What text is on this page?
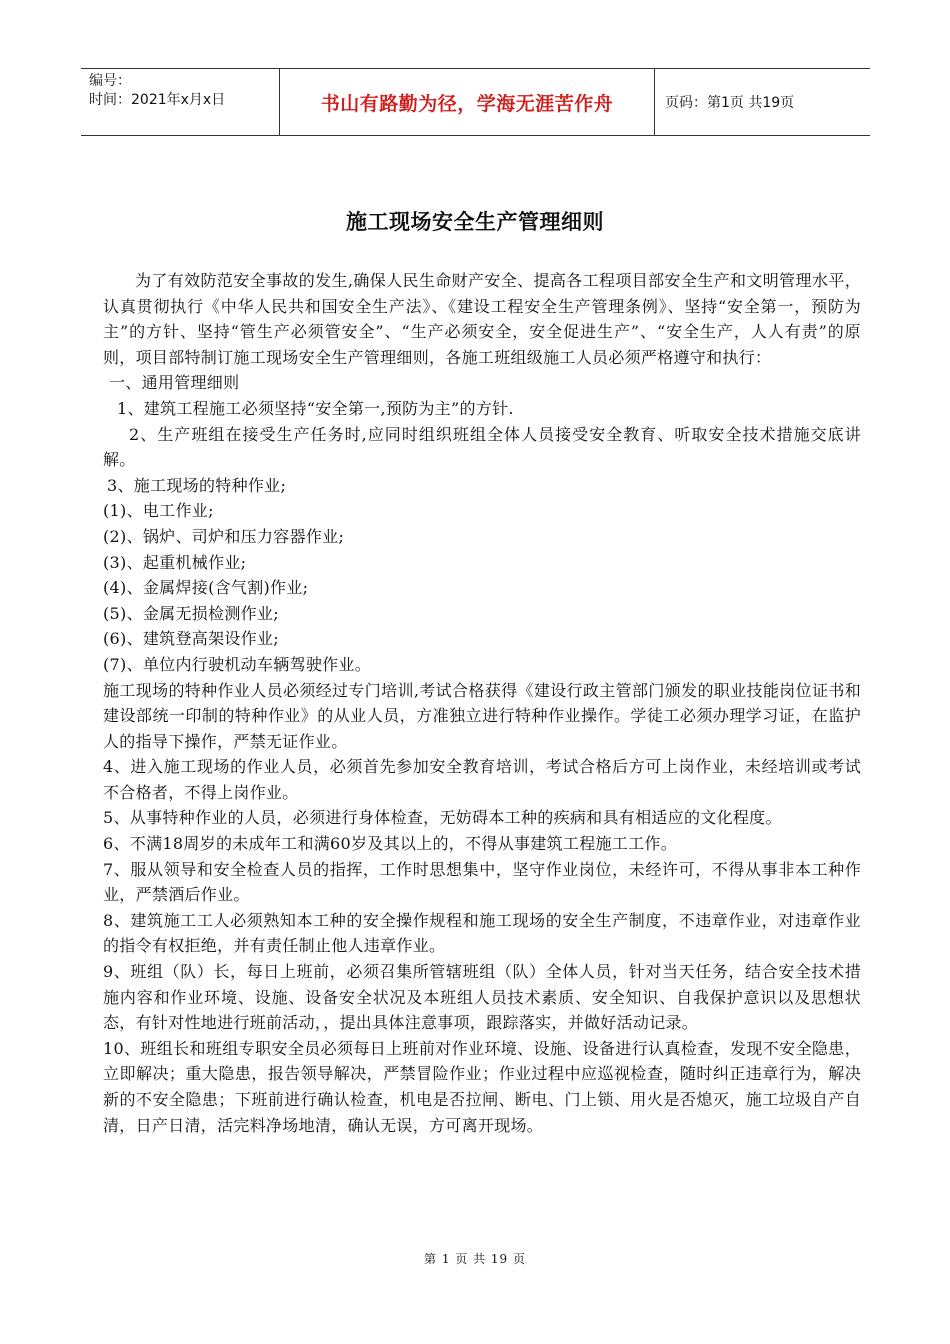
编号：
时间：2021年x月x日	书山有路勤为径，学海无涯苦作舟	页码：第1页 共19页
施工现场安全生产管理细则

为了有效防范安全事故的发生,确保人民生命财产安全、提高各工程项目部安全生产和文明管理水平，认真贯彻执行《中华人民共和国安全生产法》、《建设工程安全生产管理条例》、坚持“安全第一，预防为主”的方针、坚持“管生产必须管安全”、“生产必须安全，安全促进生产”、“安全生产，人人有责”的原则，项目部特制订施工现场安全生产管理细则，各施工班组级施工人员必须严格遵守和执行：

一、通用管理细则

1、建筑工程施工必须坚持“安全第一,预防为主”的方针.

2、生产班组在接受生产任务时,应同时组织班组全体人员接受安全教育、听取安全技术措施交底讲解。

3、施工现场的特种作业;

(1)、电工作业;

(2)、锅炉、司炉和压力容器作业;

(3)、起重机械作业;

(4)、金属焊接(含气割)作业;

(5)、金属无损检测作业;

(6)、建筑登高架设作业;

(7)、单位内行驶机动车辆驾驶作业。

施工现场的特种作业人员必须经过专门培训,考试合格获得《建设行政主管部门颁发的职业技能岗位证书和建设部统一印制的特种作业》的从业人员，方准独立进行特种作业操作。学徒工必须办理学习证，在监护人的指导下操作，严禁无证作业。

4、进入施工现场的作业人员，必须首先参加安全教育培训，考试合格后方可上岗作业，未经培训或考试不合格者，不得上岗作业。

5、从事特种作业的人员，必须进行身体检查，无妨碍本工种的疾病和具有相适应的文化程度。

6、不满18周岁的未成年工和满60岁及其以上的，不得从事建筑工程施工工作。

7、服从领导和安全检查人员的指挥，工作时思想集中，坚守作业岗位，未经许可，不得从事非本工种作业，严禁酒后作业。

8、建筑施工工人必须熟知本工种的安全操作规程和施工现场的安全生产制度，不违章作业，对违章作业的指令有权拒绝，并有责任制止他人违章作业。

9、班组（队）长，每日上班前，必须召集所管辖班组（队）全体人员，针对当天任务，结合安全技术措施内容和作业环境、设施、设备安全状况及本班组人员技术素质、安全知识、自我保护意识以及思想状态，有针对性地进行班前活动，，提出具体注意事项，跟踪落实，并做好活动记录。

10、班组长和班组专职安全员必须每日上班前对作业环境、设施、设备进行认真检查，发现不安全隐患，立即解决；重大隐患，报告领导解决，严禁冒险作业；作业过程中应巡视检查，随时纠正违章行为，解决新的不安全隐患；下班前进行确认检查，机电是否拉闸、断电、门上锁、用火是否熄灭，施工垃圾自产自清，日产日清，活完料净场地清，确认无误，方可离开现场。

第 1 页 共 19 页
